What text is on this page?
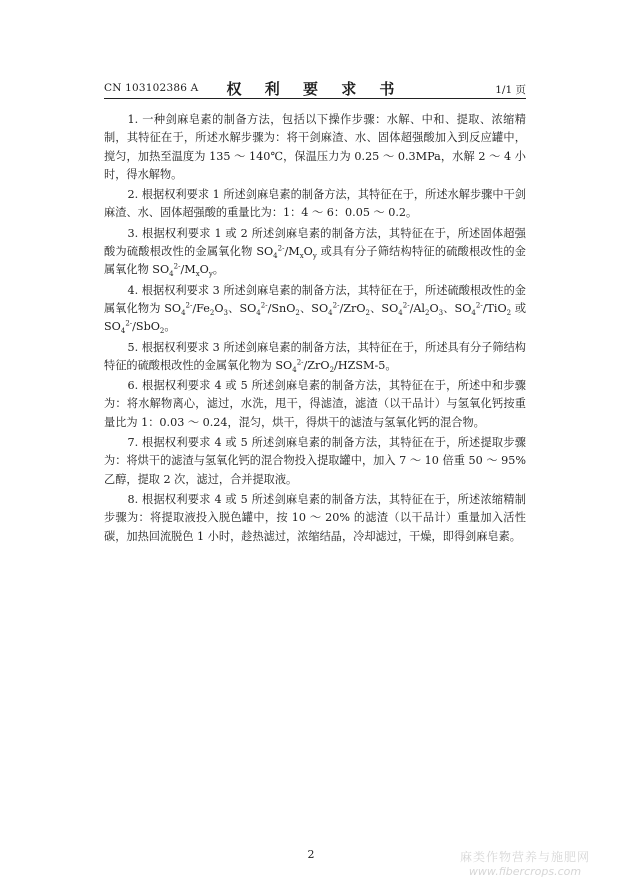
CN 103102386 A	权 利 要 求 书	1/1 页

1. 一种剑麻皂素的制备方法，包括以下操作步骤：水解、中和、提取、浓缩精制，其特征在于，所述水解步骤为：将干剑麻渣、水、固体超强酸加入到反应罐中，搅匀，加热至温度为 135 ～ 140℃，保温压力为 0.25 ～ 0.3MPa，水解 2 ～ 4 小时，得水解物。

2. 根据权利要求 1 所述剑麻皂素的制备方法，其特征在于，所述水解步骤中干剑麻渣、水、固体超强酸的重量比为：1：4 ～ 6：0.05 ～ 0.2。

3. 根据权利要求 1 或 2 所述剑麻皂素的制备方法，其特征在于，所述固体超强酸为硫酸根改性的金属氧化物 $SO_4^{2-}/M_xO_y$ 或具有分子筛结构特征的硫酸根改性的金属氧化物 $SO_4^{2-}/M_xO_y$。

4. 根据权利要求 3 所述剑麻皂素的制备方法，其特征在于，所述硫酸根改性的金属氧化物为 $SO_4^{2-}/Fe_2O_3$、$SO_4^{2-}/SnO_2$、$SO_4^{2-}/ZrO_2$、$SO_4^{2-}/Al_2O_3$、$SO_4^{2-}/TiO_2$ 或 $SO_4^{2-}/SbO_2$。

5. 根据权利要求 3 所述剑麻皂素的制备方法，其特征在于，所述具有分子筛结构特征的硫酸根改性的金属氧化物为 $SO_4^{2-}/ZrO_2/HZSM-5$。

6. 根据权利要求 4 或 5 所述剑麻皂素的制备方法，其特征在于，所述中和步骤为：将水解物离心，滤过，水洗，甩干，得滤渣，滤渣（以干品计）与氢氧化钙按重量比为 1：0.03 ～ 0.24，混匀，烘干，得烘干的滤渣与氢氧化钙的混合物。

7. 根据权利要求 4 或 5 所述剑麻皂素的制备方法，其特征在于，所述提取步骤为：将烘干的滤渣与氢氧化钙的混合物投入提取罐中，加入 7 ～ 10 倍重 50 ～ 95% 乙醇，提取 2 次，滤过，合并提取液。

8. 根据权利要求 4 或 5 所述剑麻皂素的制备方法，其特征在于，所述浓缩精制步骤为：将提取液投入脱色罐中，按 10 ～ 20% 的滤渣（以干品计）重量加入活性碳，加热回流脱色 1 小时，趁热滤过，浓缩结晶，冷却滤过，干燥，即得剑麻皂素。

2	麻类作物营养与施肥网
www.fibercrops.com
